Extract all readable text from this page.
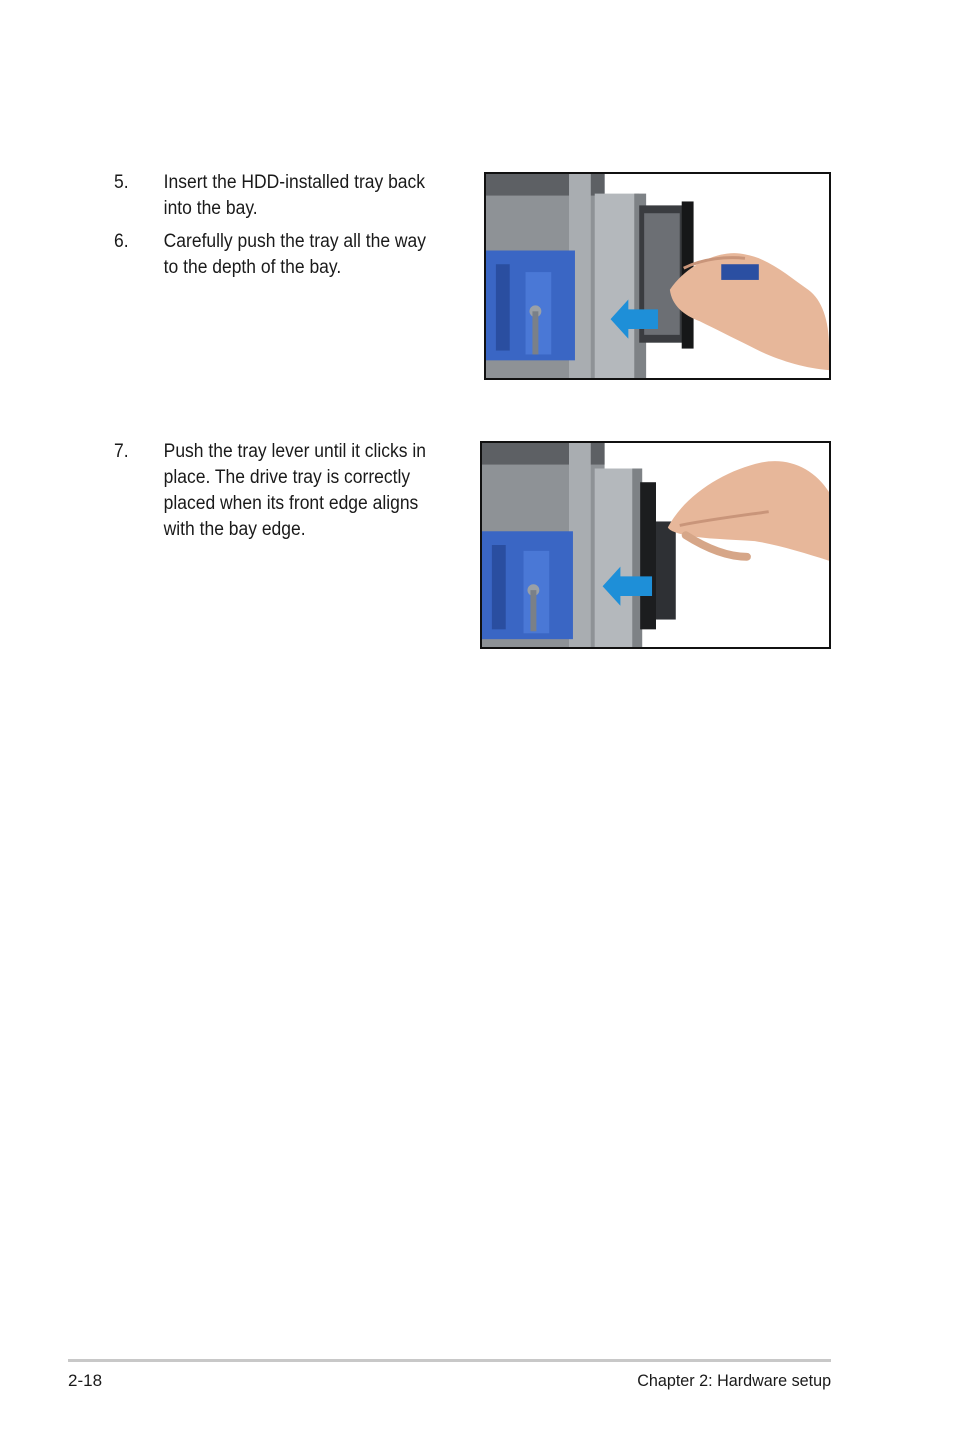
5.	Insert the HDD-installed tray back
into the bay.
6.	Carefully push the tray all the way
to the depth of the bay.
7.	Push the tray lever until it clicks in
place. The drive tray is correctly
placed when its front edge aligns
with the bay edge.
2-18	Chapter 2: Hardware setup
